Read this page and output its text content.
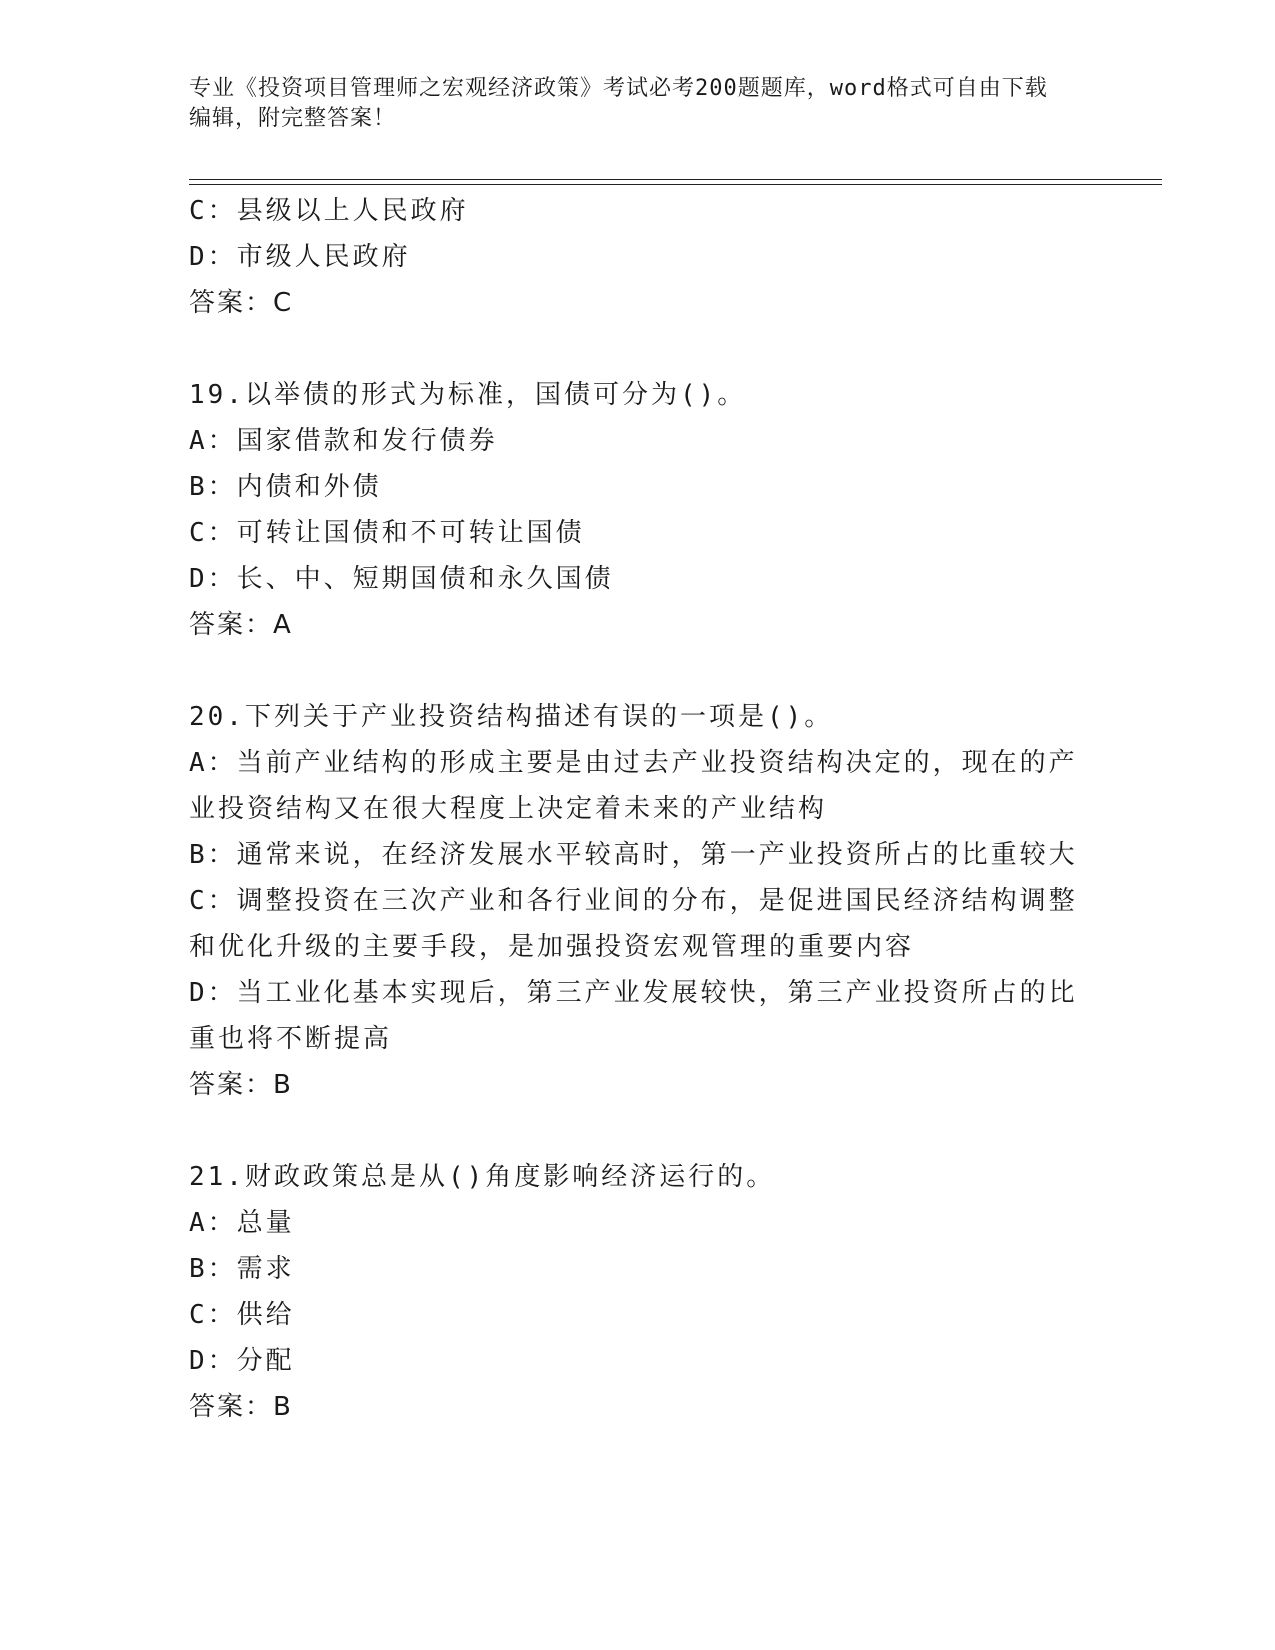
专业《投资项目管理师之宏观经济政策》考试必考200题题库，word格式可自由下载编辑，附完整答案！
C：县级以上人民政府
D：市级人民政府
答案：C
19.以举债的形式为标准，国债可分为()。
A：国家借款和发行债券
B：内债和外债
C：可转让国债和不可转让国债
D：长、中、短期国债和永久国债
答案：A
20.下列关于产业投资结构描述有误的一项是()。
A：当前产业结构的形成主要是由过去产业投资结构决定的，现在的产业投资结构又在很大程度上决定着未来的产业结构
B：通常来说，在经济发展水平较高时，第一产业投资所占的比重较大
C：调整投资在三次产业和各行业间的分布，是促进国民经济结构调整和优化升级的主要手段，是加强投资宏观管理的重要内容
D：当工业化基本实现后，第三产业发展较快，第三产业投资所占的比重也将不断提高
答案：B
21.财政政策总是从()角度影响经济运行的。
A：总量
B：需求
C：供给
D：分配
答案：B
